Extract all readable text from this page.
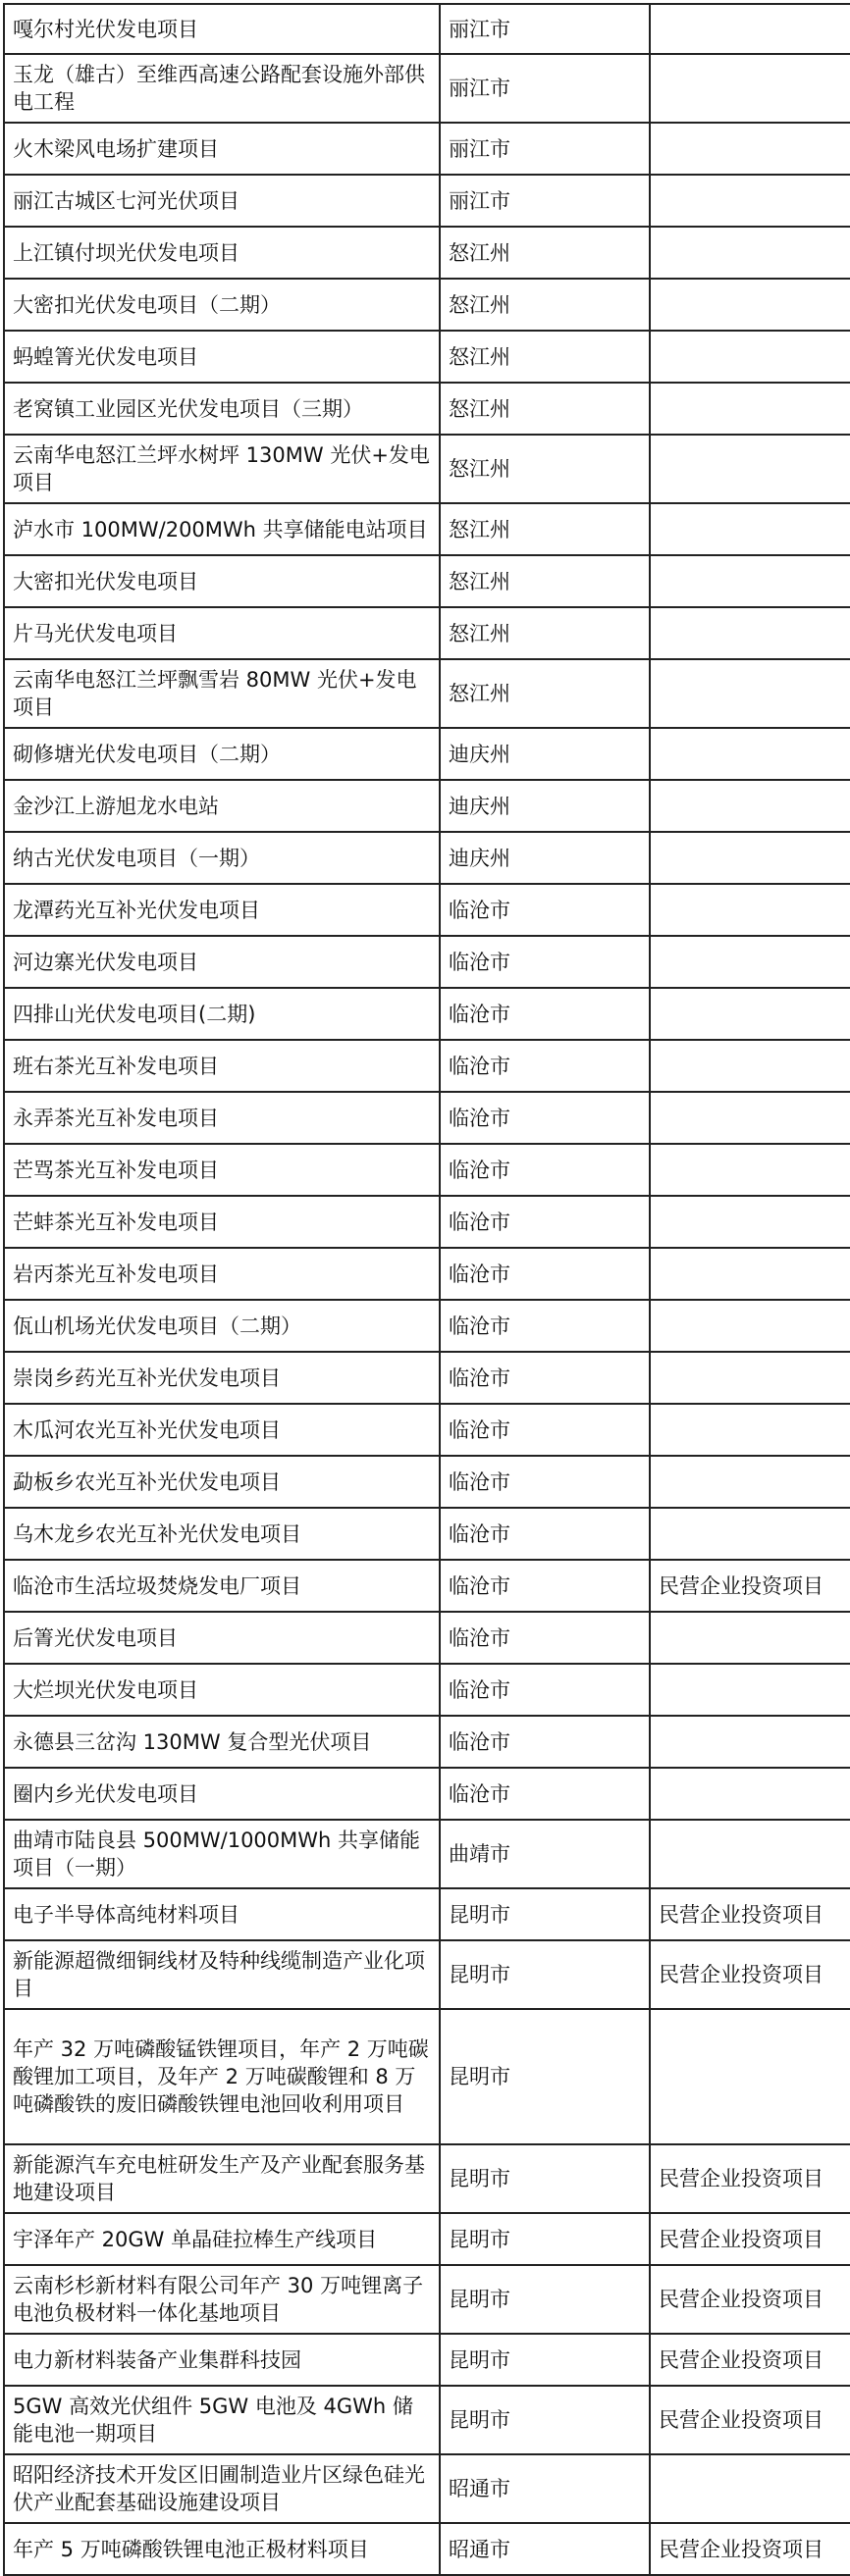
嘎尔村光伏发电项目	丽江市	
玉龙（雄古）至维西高速公路配套设施外部供电工程	丽江市	
火木梁风电场扩建项目	丽江市	
丽江古城区七河光伏项目	丽江市	
上江镇付坝光伏发电项目	怒江州	
大密扣光伏发电项目（二期）	怒江州	
蚂蝗箐光伏发电项目	怒江州	
老窝镇工业园区光伏发电项目（三期）	怒江州	
云南华电怒江兰坪水树坪 130MW 光伏+发电项目	怒江州	
泸水市 100MW/200MWh 共享储能电站项目	怒江州	
大密扣光伏发电项目	怒江州	
片马光伏发电项目	怒江州	
云南华电怒江兰坪飘雪岩 80MW 光伏+发电项目	怒江州	
砌修塘光伏发电项目（二期）	迪庆州	
金沙江上游旭龙水电站	迪庆州	
纳古光伏发电项目（一期）	迪庆州	
龙潭药光互补光伏发电项目	临沧市	
河边寨光伏发电项目	临沧市	
四排山光伏发电项目(二期)	临沧市	
班右茶光互补发电项目	临沧市	
永弄茶光互补发电项目	临沧市	
芒骂茶光互补发电项目	临沧市	
芒蚌茶光互补发电项目	临沧市	
岩丙茶光互补发电项目	临沧市	
佤山机场光伏发电项目（二期）	临沧市	
崇岗乡药光互补光伏发电项目	临沧市	
木瓜河农光互补光伏发电项目	临沧市	
勐板乡农光互补光伏发电项目	临沧市	
乌木龙乡农光互补光伏发电项目	临沧市	
临沧市生活垃圾焚烧发电厂项目	临沧市	民营企业投资项目
后箐光伏发电项目	临沧市	
大烂坝光伏发电项目	临沧市	
永德县三岔沟 130MW 复合型光伏项目	临沧市	
圈内乡光伏发电项目	临沧市	
曲靖市陆良县 500MW/1000MWh 共享储能项目（一期）	曲靖市	
电子半导体高纯材料项目	昆明市	民营企业投资项目
新能源超微细铜线材及特种线缆制造产业化项目	昆明市	民营企业投资项目
年产 32 万吨磷酸锰铁锂项目，年产 2 万吨碳酸锂加工项目，及年产 2 万吨碳酸锂和 8 万吨磷酸铁的废旧磷酸铁锂电池回收利用项目	昆明市	
新能源汽车充电桩研发生产及产业配套服务基地建设项目	昆明市	民营企业投资项目
宇泽年产 20GW 单晶硅拉棒生产线项目	昆明市	民营企业投资项目
云南杉杉新材料有限公司年产 30 万吨锂离子电池负极材料一体化基地项目	昆明市	民营企业投资项目
电力新材料装备产业集群科技园	昆明市	民营企业投资项目
5GW 高效光伏组件 5GW 电池及 4GWh 储能电池一期项目	昆明市	民营企业投资项目
昭阳经济技术开发区旧圃制造业片区绿色硅光伏产业配套基础设施建设项目	昭通市	
年产 5 万吨磷酸铁锂电池正极材料项目	昭通市	民营企业投资项目
